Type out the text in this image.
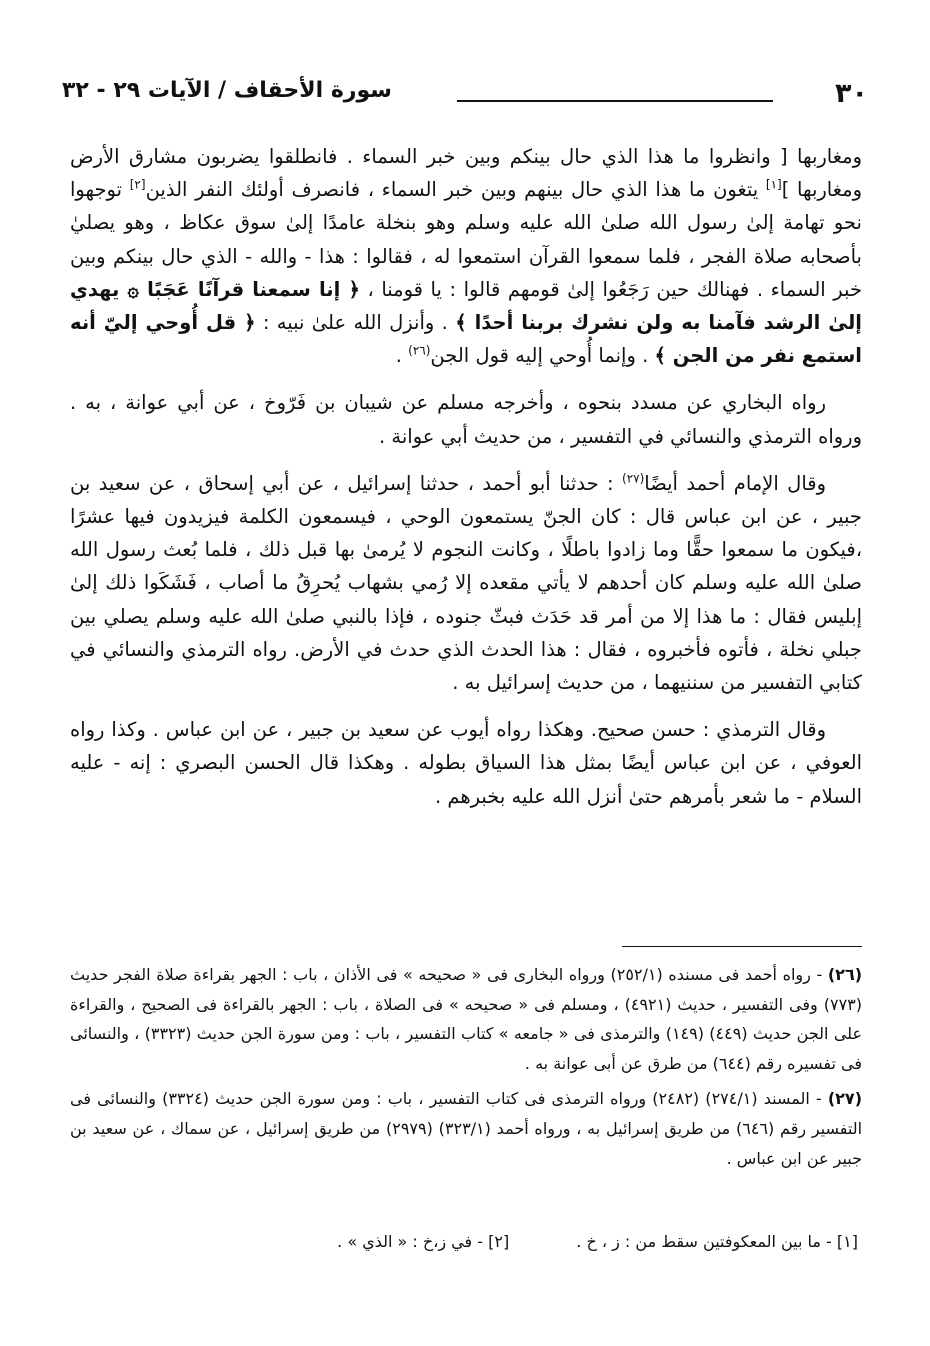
٣٠
سورة الأحقاف / الآيات ٢٩ - ٣٢

ومغاربها [ وانظروا ما هذا الذي حال بينكم وبين خبر السماء . فانطلقوا يضربون مشارق الأرض ومغاربها ][١] يتغون ما هذا الذي حال بينهم وبين خبر السماء ، فانصرف أولئك النفر الذين[٢] توجهوا نحو تهامة إلىٰ رسول الله صلىٰ الله عليه وسلم وهو بنخلة عامدًا إلىٰ سوق عكاظ ، وهو يصليٰ بأصحابه صلاة الفجر ، فلما سمعوا القرآن استمعوا له ، فقالوا : هذا - والله - الذي حال بينكم وبين خبر السماء . فهنالك حين رَجَعُوا إلىٰ قومهم قالوا : يا قومنا ، ﴿ إنا سمعنا قرآنًا عَجَبًا ۞ يهدي إلىٰ الرشد فآمنا به ولن نشرك بربنا أحدًا ﴾ . وأنزل الله علىٰ نبيه : ﴿ قل أُوحي إليّ أنه استمع نفر من الجن ﴾ . وإنما أُوحي إليه قول الجن$^{(٢٦)}$ .

رواه البخاري عن مسدد بنحوه ، وأخرجه مسلم عن شيبان بن فَرّوخ ، عن أبي عوانة ، به . ورواه الترمذي والنسائي في التفسير ، من حديث أبي عوانة .

وقال الإمام أحمد أيضًا$^{(٢٧)}$ : حدثنا أبو أحمد ، حدثنا إسرائيل ، عن أبي إسحاق ، عن سعيد بن جبير ، عن ابن عباس قال : كان الجنّ يستمعون الوحي ، فيسمعون الكلمة فيزيدون فيها عشرًا ،فيكون ما سمعوا حقًّا وما زادوا باطلًا ، وكانت النجوم لا يُرمىٰ بها قبل ذلك ، فلما بُعث رسول الله صلىٰ الله عليه وسلم كان أحدهم لا يأتي مقعده إلا رُمي بشهاب يُحرِقُ ما أصاب ، فَشَكَوا ذلك إلىٰ إبليس فقال : ما هذا إلا من أمر قد حَدَث فبثّ جنوده ، فإذا بالنبي صلىٰ الله عليه وسلم يصلي بين جبلي نخلة ، فأتوه فأخبروه ، فقال : هذا الحدث الذي حدث في الأرض. رواه الترمذي والنسائي في كتابي التفسير من سننيهما ، من حديث إسرائيل به .

وقال الترمذي : حسن صحيح. وهكذا رواه أيوب عن سعيد بن جبير ، عن ابن عباس . وكذا رواه العوفي ، عن ابن عباس أيضًا بمثل هذا السياق بطوله . وهكذا قال الحسن البصري : إنه - عليه السلام - ما شعر بأمرهم حتىٰ أنزل الله عليه بخبرهم .

(٢٦) - رواه أحمد فى مسنده (٢٥٢/١) ورواه البخارى فى « صحيحه » فى الأذان ، باب : الجهر بقراءة صلاة الفجر حديث (٧٧٣) وفى التفسير ، حديث (٤٩٢١) ، ومسلم فى « صحيحه » فى الصلاة ، باب : الجهر بالقراءة فى الصحيح ، والقراءة على الجن حديث (٤٤٩) (١٤٩) والترمذى فى « جامعه » كتاب التفسير ، باب : ومن سورة الجن حديث (٣٣٢٣) ، والنسائى فى تفسيره رقم (٦٤٤) من طرق عن أبى عوانة به .

(٢٧) - المسند (٢٧٤/١) (٢٤٨٢) ورواه الترمذى فى كتاب التفسير ، باب : ومن سورة الجن حديث (٣٣٢٤) والنسائى فى التفسير رقم (٦٤٦) من طريق إسرائيل به ، ورواه أحمد (٣٢٣/١) (٢٩٧٩) من طريق إسرائيل ، عن سماك ، عن سعيد بن جبير عن ابن عباس .

[١] - ما بين المعكوفتين سقط من : ز ، خ . [٢] - في ز،خ : « الذي » .
